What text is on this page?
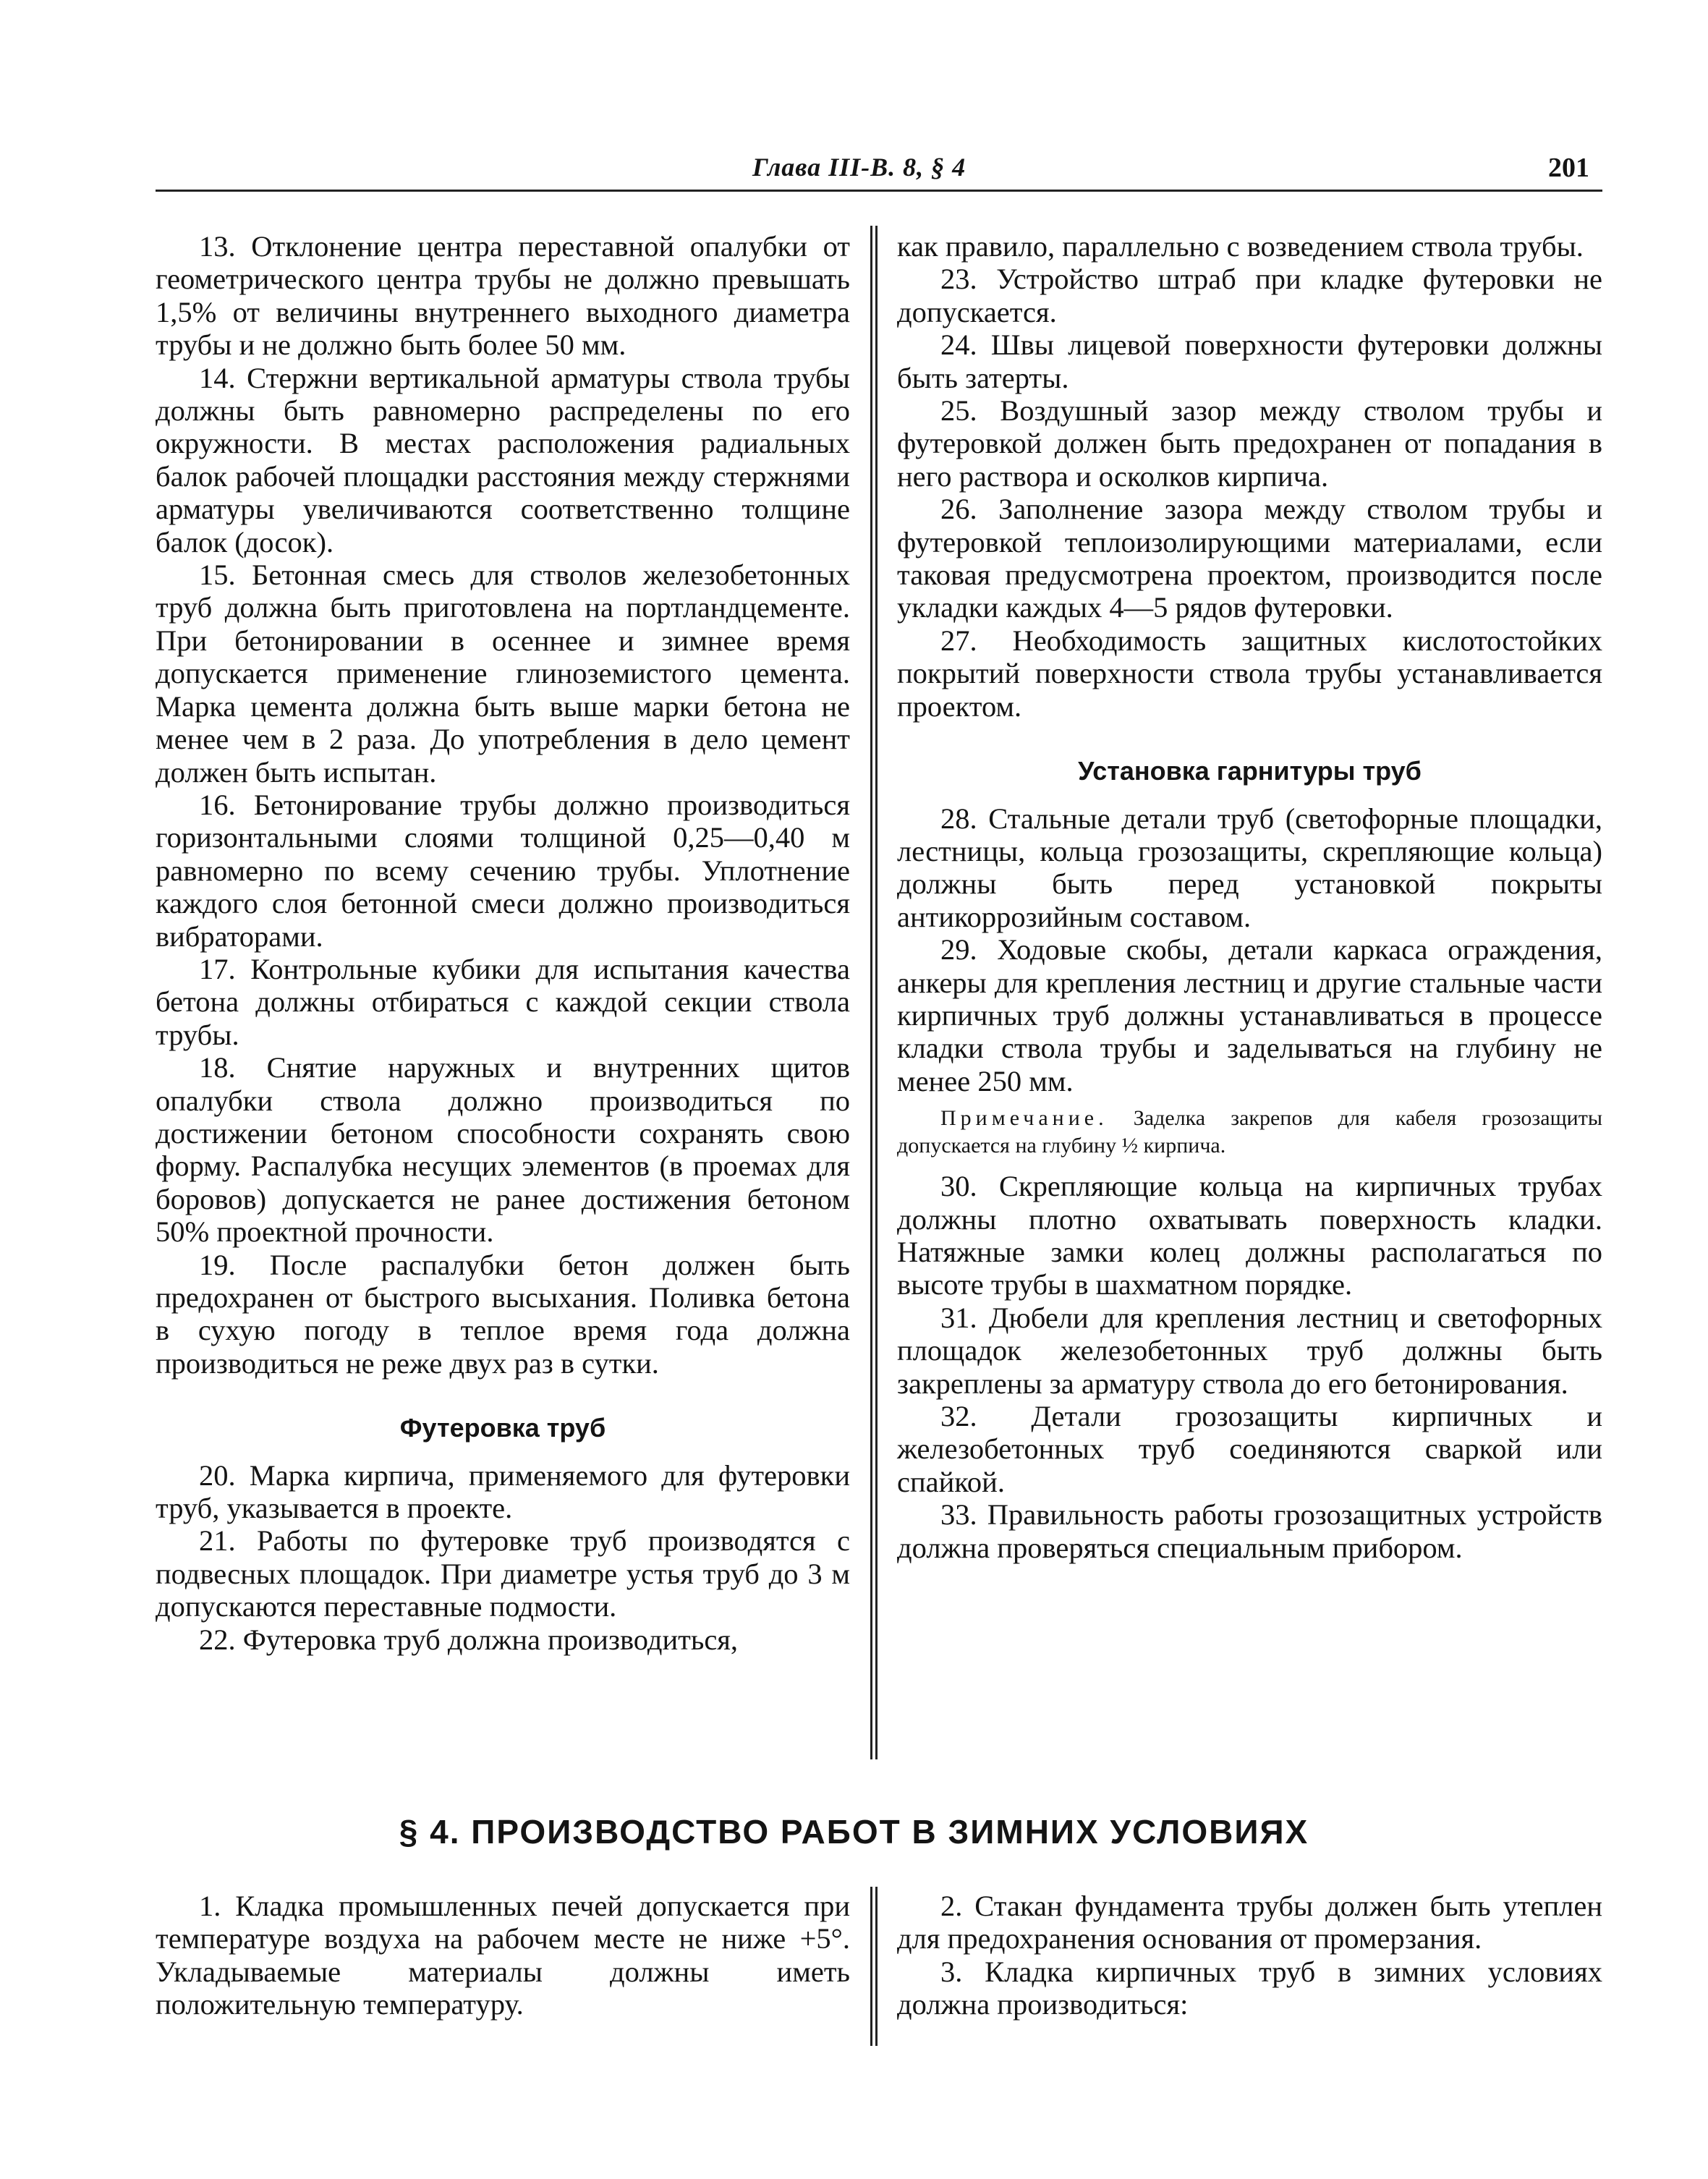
Глава III-В. 8, § 4	201

13. Отклонение центра переставной опалубки от геометрического центра трубы не должно превышать 1,5% от величины внутреннего выходного диаметра трубы и не должно быть более 50 мм.

14. Стержни вертикальной арматуры ствола трубы должны быть равномерно распределены по его окружности. В местах расположения радиальных балок рабочей площадки расстояния между стержнями арматуры увеличиваются соответственно толщине балок (досок).

15. Бетонная смесь для стволов железобетонных труб должна быть приготовлена на портландцементе. При бетонировании в осеннее и зимнее время допускается применение глиноземистого цемента. Марка цемента должна быть выше марки бетона не менее чем в 2 раза. До употребления в дело цемент должен быть испытан.

16. Бетонирование трубы должно производиться горизонтальными слоями толщиной 0,25—0,40 м равномерно по всему сечению трубы. Уплотнение каждого слоя бетонной смеси должно производиться вибраторами.

17. Контрольные кубики для испытания качества бетона должны отбираться с каждой секции ствола трубы.

18. Снятие наружных и внутренних щитов опалубки ствола должно производиться по достижении бетоном способности сохранять свою форму. Распалубка несущих элементов (в проемах для боровов) допускается не ранее достижения бетоном 50% проектной прочности.

19. После распалубки бетон должен быть предохранен от быстрого высыхания. Поливка бетона в сухую погоду в теплое время года должна производиться не реже двух раз в сутки.

Футеровка труб

20. Марка кирпича, применяемого для футеровки труб, указывается в проекте.

21. Работы по футеровке труб производятся с подвесных площадок. При диаметре устья труб до 3 м допускаются переставные подмости.

22. Футеровка труб должна производиться,

как правило, параллельно с возведением ствола трубы.

23. Устройство штраб при кладке футеровки не допускается.

24. Швы лицевой поверхности футеровки должны быть затерты.

25. Воздушный зазор между стволом трубы и футеровкой должен быть предохранен от попадания в него раствора и осколков кирпича.

26. Заполнение зазора между стволом трубы и футеровкой теплоизолирующими материалами, если таковая предусмотрена проектом, производится после укладки каждых 4—5 рядов футеровки.

27. Необходимость защитных кислотостойких покрытий поверхности ствола трубы устанавливается проектом.

Установка гарнитуры труб

28. Стальные детали труб (светофорные площадки, лестницы, кольца грозозащиты, скрепляющие кольца) должны быть перед установкой покрыты антикоррозийным составом.

29. Ходовые скобы, детали каркаса ограждения, анкеры для крепления лестниц и другие стальные части кирпичных труб должны устанавливаться в процессе кладки ствола трубы и заделываться на глубину не менее 250 мм.

Примечание. Заделка закрепов для кабеля грозозащиты допускается на глубину ½ кирпича.

30. Скрепляющие кольца на кирпичных трубах должны плотно охватывать поверхность кладки. Натяжные замки колец должны располагаться по высоте трубы в шахматном порядке.

31. Дюбели для крепления лестниц и светофорных площадок железобетонных труб должны быть закреплены за арматуру ствола до его бетонирования.

32. Детали грозозащиты кирпичных и железобетонных труб соединяются сваркой или спайкой.

33. Правильность работы грозозащитных устройств должна проверяться специальным прибором.

§ 4. ПРОИЗВОДСТВО РАБОТ В ЗИМНИХ УСЛОВИЯХ

1. Кладка промышленных печей допускается при температуре воздуха на рабочем месте не ниже +5°. Укладываемые материалы должны иметь положительную температуру.

2. Стакан фундамента трубы должен быть утеплен для предохранения основания от промерзания.

3. Кладка кирпичных труб в зимних условиях должна производиться:
